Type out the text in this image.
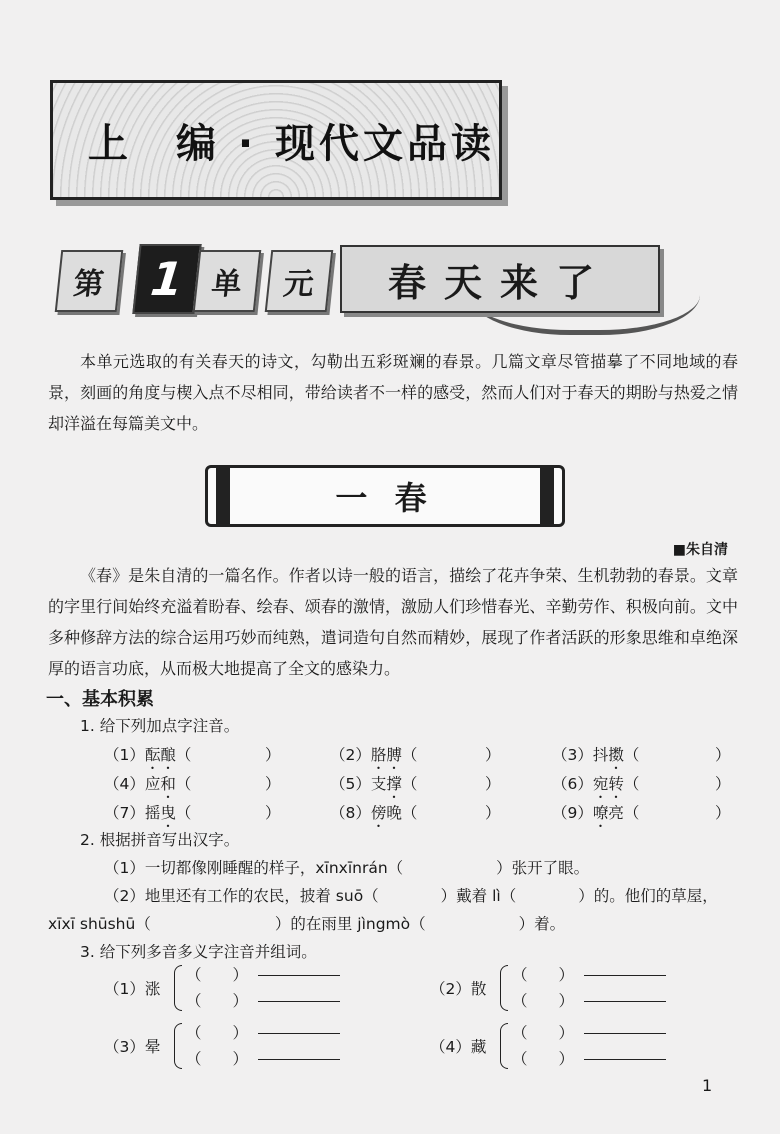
上　编 · 现代文品读
第 1 单	元	春天来了

本单元选取的有关春天的诗文，勾勒出五彩斑斓的春景。几篇文章尽管描摹了不同地域的春景，刻画的角度与楔入点不尽相同，带给读者不一样的感受，然而人们对于春天的期盼与热爱之情却洋溢在每篇美文中。

一 春
■朱自清

《春》是朱自清的一篇名作。作者以诗一般的语言，描绘了花卉争荣、生机勃勃的春景。文章的字里行间始终充溢着盼春、绘春、颂春的激情，激励人们珍惜春光、辛勤劳作、积极向前。文中多种修辞方法的综合运用巧妙而纯熟，遣词造句自然而精妙，展现了作者活跃的形象思维和卓绝深厚的语言功底，从而极大地提高了全文的感染力。

一、基本积累
1. 给下列加点字注音。
（1）酝酿（	）	（2）胳膊（	）	（3）抖擞（	）
（4）应和（	）	（5）支撑（	）	（6）宛转（	）
（7）摇曳（	）	（8）傍晚（	）	（9）嘹亮（	）
2. 根据拼音写出汉字。
（1）一切都像刚睡醒的样子，xīnxīnrán（　　　　　　）张开了眼。
（2）地里还有工作的农民，披着 suō（　　　　）戴着 lì（　　　　）的。他们的草屋，
xīxī shūshū（　　　　　　　　）的在雨里 jìngmò（　　　　　　）着。
3. 给下列多音多义字注音并组词。
（1）涨
（　　）
（　　）
（2）散
（　　）
（　　）
（3）晕
（　　）
（　　）
（4）藏
（　　）
（　　）
1
